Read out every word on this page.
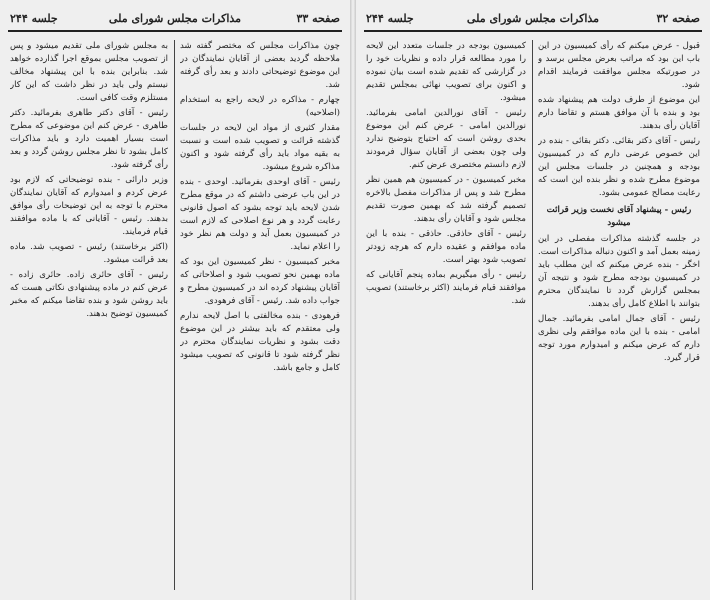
صفحه ۳۳
مذاکرات مجلس شورای ملی
جلسه ۲۴۴

چون مذاکرات مجلس که مختصر گفته شد ملاحظه گردید بعضی از آقایان نمایندگان در این موضوع توضیحاتی دادند و بعد رأی گرفته شد.

چهارم - مذاکره در لایحه راجع به استخدام (اصلاحیه)

مقدار کثیری از مواد این لایحه در جلسات گذشته قرائت و تصویب شده است و نسبت به بقیه مواد باید رأی گرفته شود و اکنون مذاکره شروع میشود.

رئیس - آقای اوحدی بفرمائید. اوحدی - بنده در این باب عرضی داشتم که در موقع مطرح شدن لایحه باید توجه بشود که اصول قانونی رعایت گردد و هر نوع اصلاحی که لازم است در کمیسیون بعمل آید و دولت هم نظر خود را اعلام نماید.

مخبر کمیسیون - نظر کمیسیون این بود که ماده بهمین نحو تصویب شود و اصلاحاتی که آقایان پیشنهاد کرده اند در کمیسیون مطرح و جواب داده شد. رئیس - آقای فرهودی.

فرهودی - بنده مخالفتی با اصل لایحه ندارم ولی معتقدم که باید بیشتر در این موضوع دقت بشود و نظریات نمایندگان محترم در نظر گرفته شود تا قانونی که تصویب میشود کامل و جامع باشد.

به مجلس شورای ملی تقدیم میشود و پس از تصویب مجلس بموقع اجرا گذارده خواهد شد. بنابراین بنده با این پیشنهاد مخالف نیستم ولی باید در نظر داشت که این کار مستلزم وقت کافی است.

رئیس - آقای دکتر طاهری بفرمائید. دکتر طاهری - عرض کنم این موضوعی که مطرح است بسیار اهمیت دارد و باید مذاکرات کامل بشود تا نظر مجلس روشن گردد و بعد رأی گرفته شود.

وزیر دارائی - بنده توضیحاتی که لازم بود عرض کردم و امیدوارم که آقایان نمایندگان محترم با توجه به این توضیحات رأی موافق بدهند. رئیس - آقایانی که با ماده موافقند قیام فرمایند.

(اکثر برخاستند) رئیس - تصویب شد. ماده بعد قرائت میشود.

رئیس - آقای حائری زاده. حائری زاده - عرض کنم در ماده پیشنهادی نکاتی هست که باید روشن شود و بنده تقاضا میکنم که مخبر کمیسیون توضیح بدهند.

صفحه ۳۲
مذاکرات مجلس شورای ملی
جلسه ۲۴۴

قبول - عرض میکنم که رأی کمیسیون در این باب این بود که مراتب بعرض مجلس برسد و در صورتیکه مجلس موافقت فرمایند اقدام شود.

این موضوع از طرف دولت هم پیشنهاد شده بود و بنده با آن موافق هستم و تقاضا دارم آقایان رأی بدهند.

رئیس - آقای دکتر بقائی. دکتر بقائی - بنده در این خصوص عرضی دارم که در کمیسیون بودجه و همچنین در جلسات مجلس این موضوع مطرح شده و نظر بنده این است که رعایت مصالح عمومی بشود.

رئیس - پیشنهاد آقای نخست وزیر قرائت میشود

در جلسه گذشته مذاکرات مفصلی در این زمینه بعمل آمد و اکنون دنباله مذاکرات است. اخگر - بنده عرض میکنم که این مطلب باید در کمیسیون بودجه مطرح شود و نتیجه آن بمجلس گزارش گردد تا نمایندگان محترم بتوانند با اطلاع کامل رأی بدهند.

رئیس - آقای جمال امامی بفرمائید. جمال امامی - بنده با این ماده موافقم ولی نظری دارم که عرض میکنم و امیدوارم مورد توجه قرار گیرد.

کمیسیون بودجه در جلسات متعدد این لایحه را مورد مطالعه قرار داده و نظریات خود را در گزارشی که تقدیم شده است بیان نموده و اکنون برای تصویب نهائی بمجلس تقدیم میشود.

رئیس - آقای نورالدین امامی بفرمائید. نورالدین امامی - عرض کنم این موضوع بحدی روشن است که احتیاج بتوضیح ندارد ولی چون بعضی از آقایان سؤال فرمودند لازم دانستم مختصری عرض کنم.

مخبر کمیسیون - در کمیسیون هم همین نظر مطرح شد و پس از مذاکرات مفصل بالاخره تصمیم گرفته شد که بهمین صورت تقدیم مجلس شود و آقایان رأی بدهند.

رئیس - آقای حاذقی. حاذقی - بنده با این ماده موافقم و عقیده دارم که هرچه زودتر تصویب شود بهتر است.

رئیس - رأی میگیریم بماده پنجم آقایانی که موافقند قیام فرمایند (اکثر برخاستند) تصویب شد.
